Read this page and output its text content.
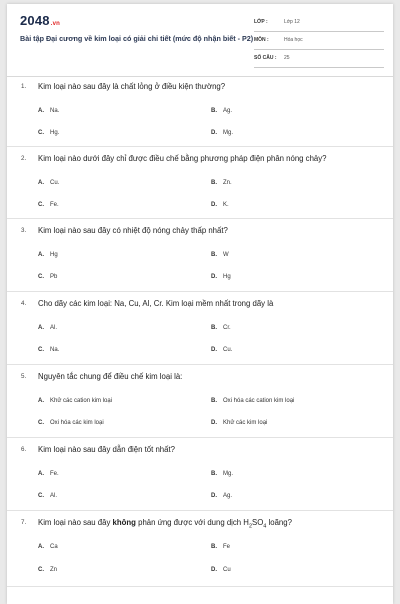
2048.vn
Bài tập Đại cương về kim loại có giải chi tiết (mức độ nhận biết - P2)
LỚP :	Lớp 12
MÔN :	Hóa học
SỐ CÂU : 25
1. Kim loại nào sau đây là chất lỏng ở điều kiện thường?
A. Na.	B. Ag.
C. Hg.	D. Mg.
2. Kim loại nào dưới đây chỉ được điều chế bằng phương pháp điện phân nóng chảy?
A. Cu.	B. Zn.
C. Fe.	D. K.
3. Kim loại nào sau đây có nhiệt độ nóng chảy thấp nhất?
A. Hg	B. W
C. Pb	D. Hg
4. Cho dãy các kim loại: Na, Cu, Al, Cr. Kim loại mềm nhất trong dãy là
A. Al.	B. Cr.
C. Na.	D. Cu.
5. Nguyên tắc chung để điều chế kim loại là:
A. Khử các cation kim loại	B. Oxi hóa các cation kim loại
C. Oxi hóa các kim loại	D. Khử các kim loại
6. Kim loại nào sau đây dẫn điện tốt nhất?
A. Fe.	B. Mg.
C. Al.	D. Ag.
7. Kim loại nào sau đây không phản ứng được với dung dịch $H_2SO_4$ loãng?
A. Ca	B. Fe
C. Zn	D. Cu
